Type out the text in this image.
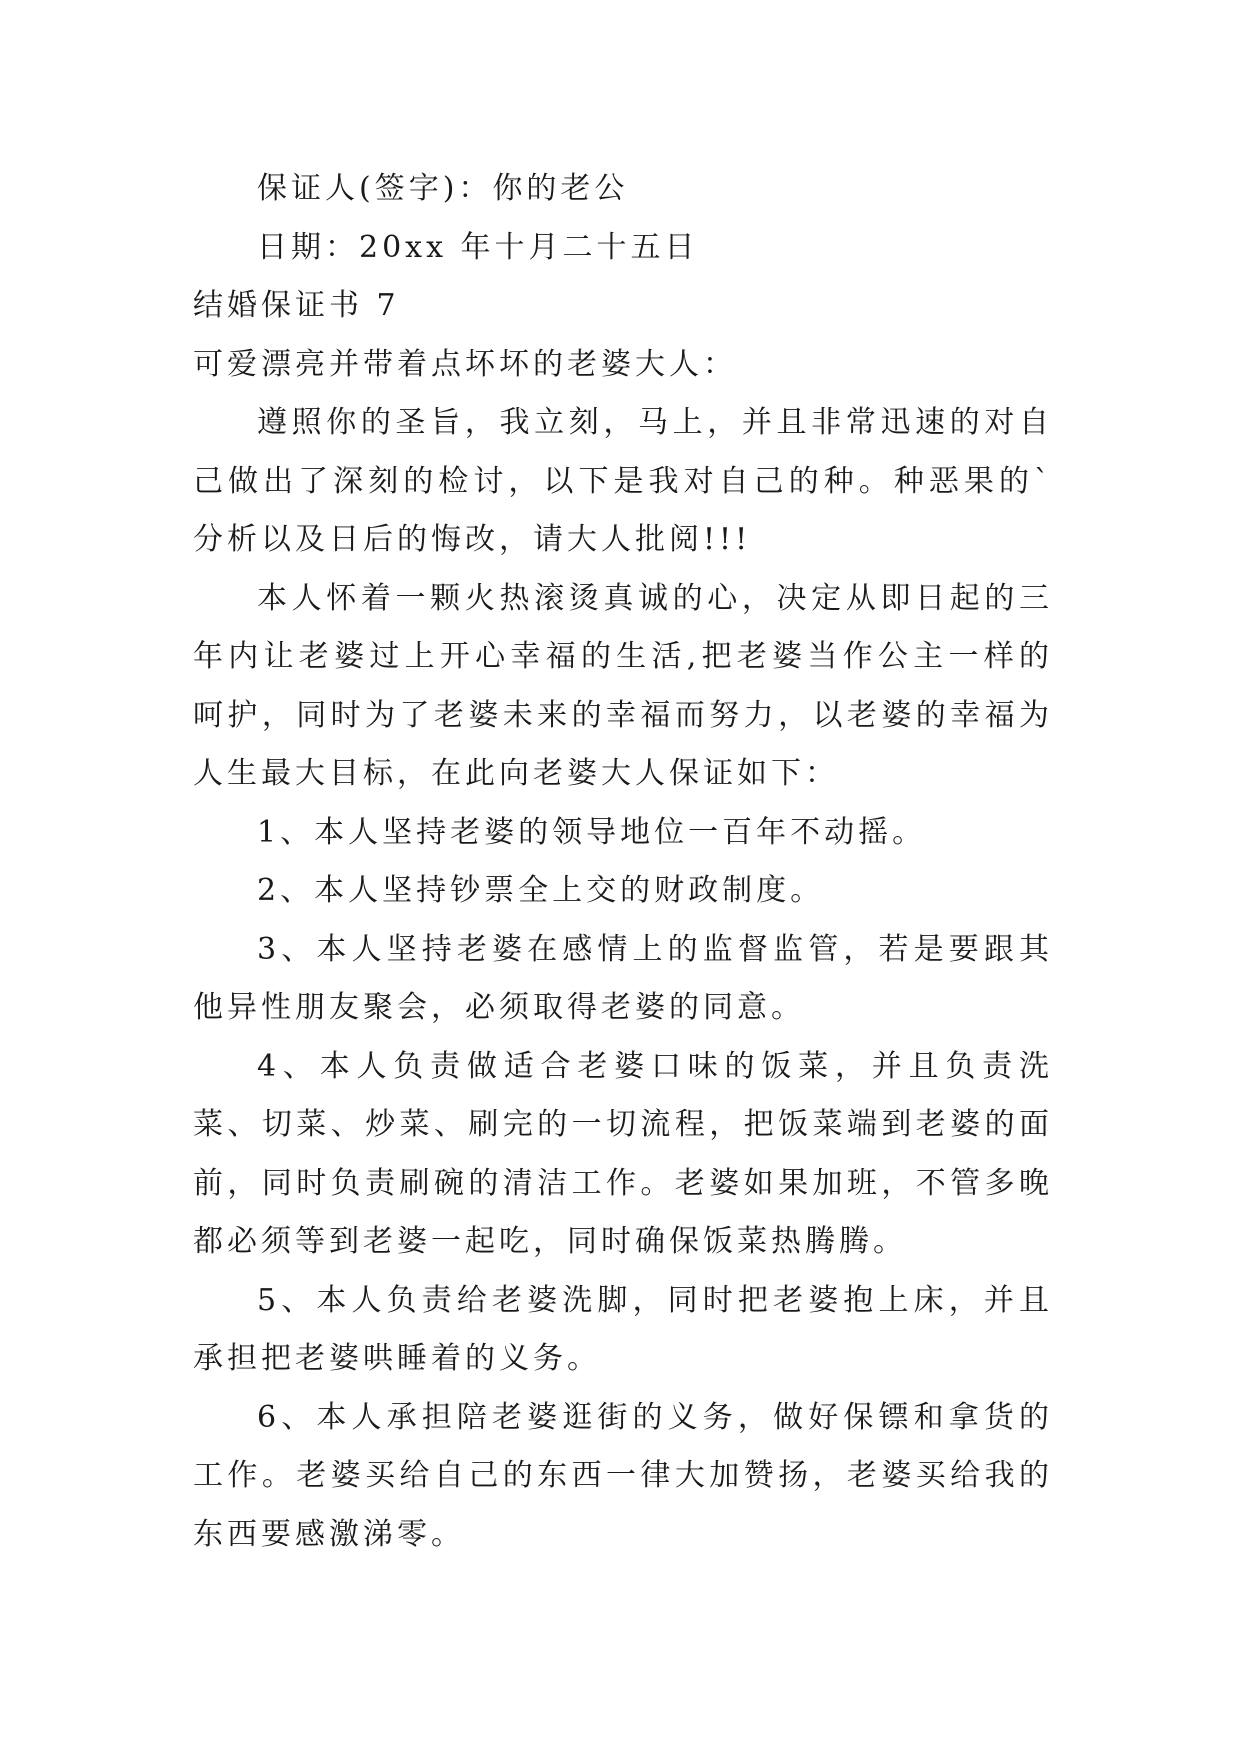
保证人(签字)：你的老公

日期：20xx 年十月二十五日

结婚保证书 7

可爱漂亮并带着点坏坏的老婆大人：

遵照你的圣旨，我立刻，马上，并且非常迅速的对自己做出了深刻的检讨，以下是我对自己的种。种恶果的`分析以及日后的悔改，请大人批阅!!!

本人怀着一颗火热滚烫真诚的心，决定从即日起的三年内让老婆过上开心幸福的生活,把老婆当作公主一样的呵护，同时为了老婆未来的幸福而努力，以老婆的幸福为人生最大目标，在此向老婆大人保证如下：

1、本人坚持老婆的领导地位一百年不动摇。

2、本人坚持钞票全上交的财政制度。

3、本人坚持老婆在感情上的监督监管，若是要跟其他异性朋友聚会，必须取得老婆的同意。

4、本人负责做适合老婆口味的饭菜，并且负责洗菜、切菜、炒菜、刷完的一切流程，把饭菜端到老婆的面前，同时负责刷碗的清洁工作。老婆如果加班，不管多晚都必须等到老婆一起吃，同时确保饭菜热腾腾。

5、本人负责给老婆洗脚，同时把老婆抱上床，并且承担把老婆哄睡着的义务。

6、本人承担陪老婆逛街的义务，做好保镖和拿货的工作。老婆买给自己的东西一律大加赞扬，老婆买给我的东西要感激涕零。
